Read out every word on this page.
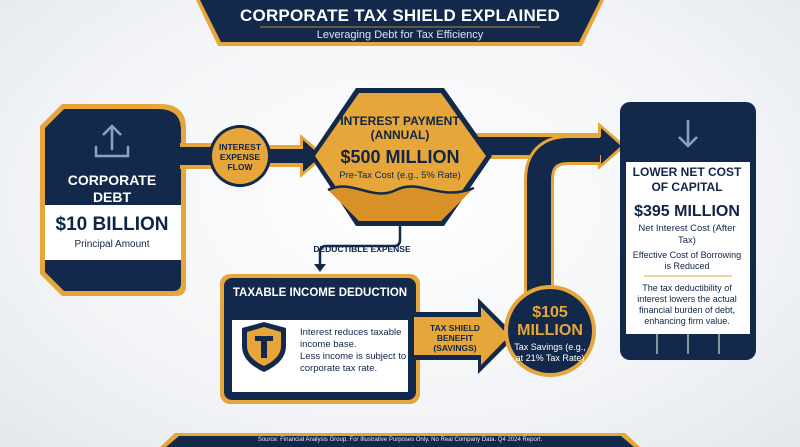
CORPORATE TAX SHIELD EXPLAINED
Leveraging Debt for Tax Efficiency
CORPORATE DEBT
$10 BILLION
Principal Amount
INTEREST EXPENSE FLOW
INTEREST PAYMENT (ANNUAL)
$500 MILLION
Pre-Tax Cost (e.g., 5% Rate)
DEDUCTIBLE EXPENSE
TAXABLE INCOME DEDUCTION
Interest reduces taxable income base.
Less income is subject to corporate tax rate.
TAX SHIELD BENEFIT (SAVINGS)
$105 MILLION
Tax Savings (e.g., at 21% Tax Rate)
LOWER NET COST OF CAPITAL
$395 MILLION
Net Interest Cost (After Tax)
Effective Cost of Borrowing is Reduced
The tax deductibility of interest lowers the actual financial burden of debt, enhancing firm value.
Source: Financial Analysis Group. For Illustrative Purposes Only. No Real Company Data. Q4 2024 Report.
